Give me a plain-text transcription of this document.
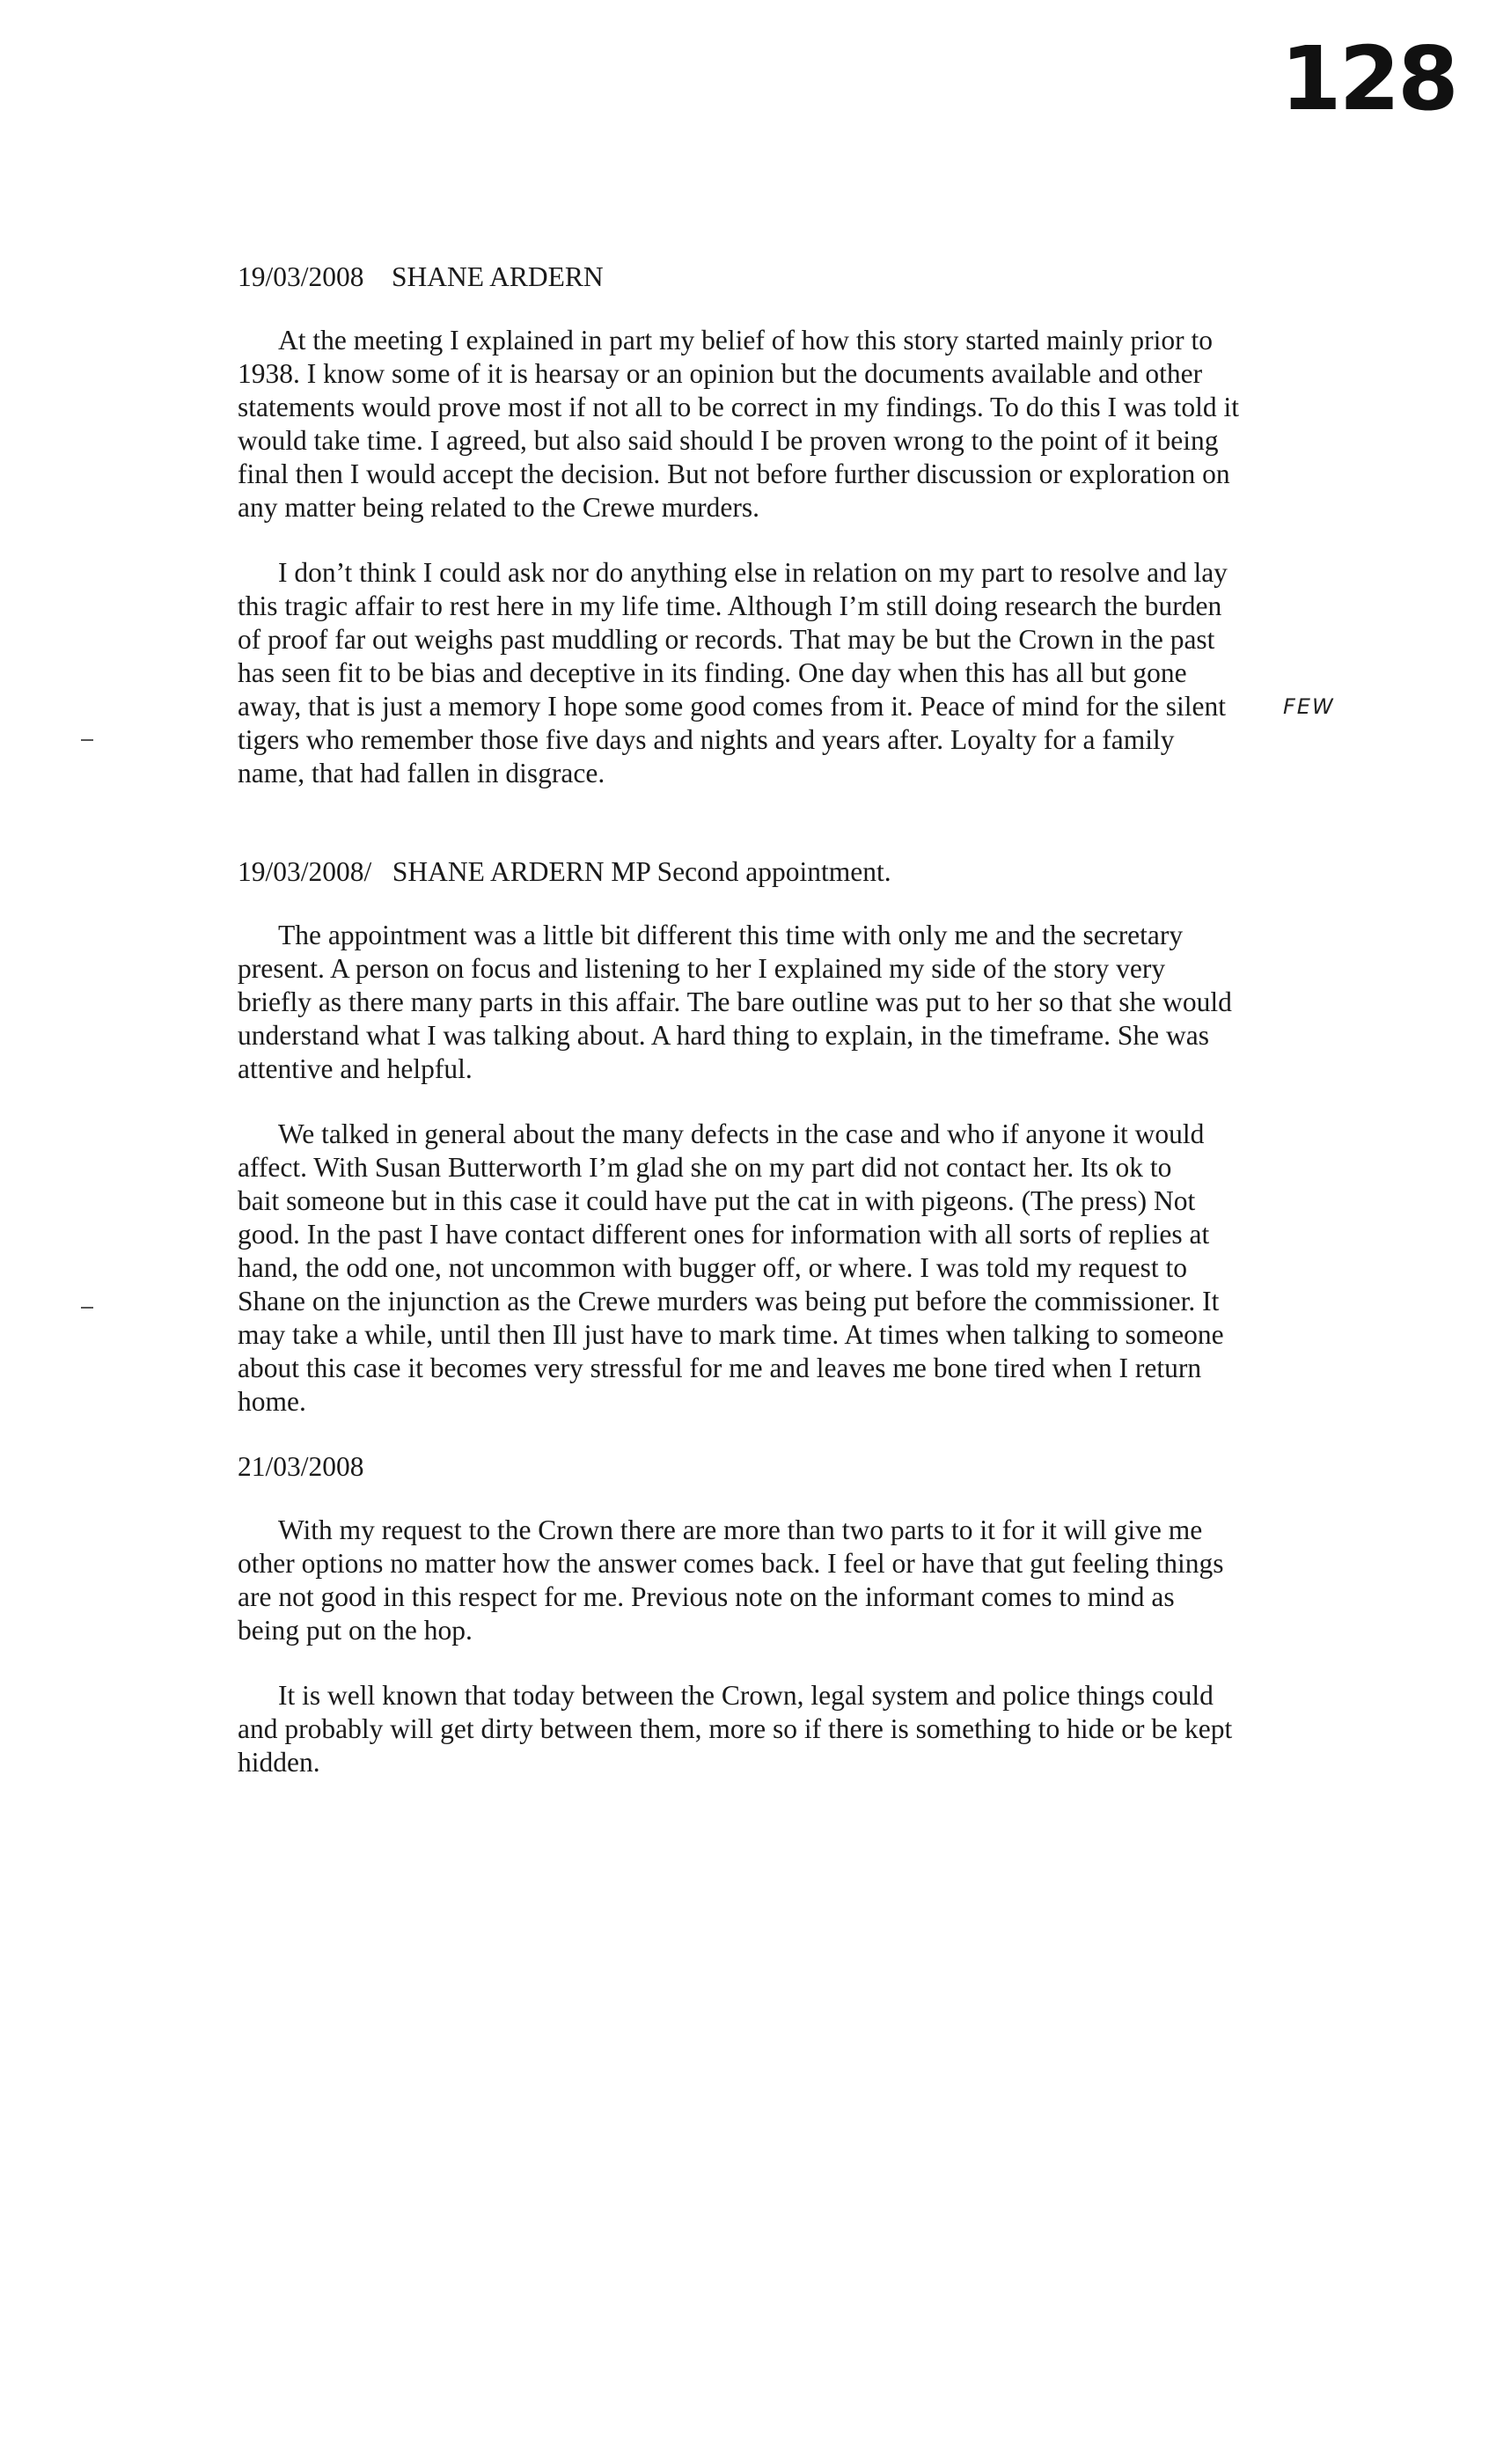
128
FEW
19/03/2008    SHANE ARDERN
At the meeting I explained in part my belief of how this story started mainly prior to
1938. I know some of it is hearsay or an opinion but the documents available and other
statements would prove most if not all to be correct in my findings. To do this I was told it
would take time. I agreed, but also said should I be proven wrong to the point of it being
final then I would accept the decision. But not before further discussion or exploration on
any matter being related to the Crewe murders.
I don’t think I could ask nor do anything else in relation on my part to resolve and lay
this tragic affair to rest here in my life time. Although I’m still doing research the burden
of proof far out weighs past muddling or records. That may be but the Crown in the past
has seen fit to be bias and deceptive in its finding. One day when this has all but gone
away, that is just a memory I hope some good comes from it. Peace of mind for the silent
tigers who remember those five days and nights and years after. Loyalty for a family
name, that had fallen in disgrace.
19/03/2008/   SHANE ARDERN MP Second appointment.
The appointment was a little bit different this time with only me and the secretary
present. A person on focus and listening to her I explained my side of the story very
briefly as there many parts in this affair. The bare outline was put to her so that she would
understand what I was talking about. A hard thing to explain, in the timeframe. She was
attentive and helpful.
We talked in general about the many defects in the case and who if anyone it would
affect. With Susan Butterworth I’m glad she on my part did not contact her. Its ok to
bait someone but in this case it could have put the cat in with pigeons. (The press) Not
good. In the past I have contact different ones for information with all sorts of replies at
hand, the odd one, not uncommon with bugger off, or where. I was told my request to
Shane on the injunction as the Crewe murders was being put before the commissioner. It
may take a while, until then Ill just have to mark time. At times when talking to someone
about this case it becomes very stressful for me and leaves me bone tired when I return
home.
21/03/2008
With my request to the Crown there are more than two parts to it for it will give me
other options no matter how the answer comes back. I feel or have that gut feeling things
are not good in this respect for me. Previous note on the informant comes to mind as
being put on the hop.
It is well known that today between the Crown, legal system and police things could
and probably will get dirty between them, more so if there is something to hide or be kept
hidden.
